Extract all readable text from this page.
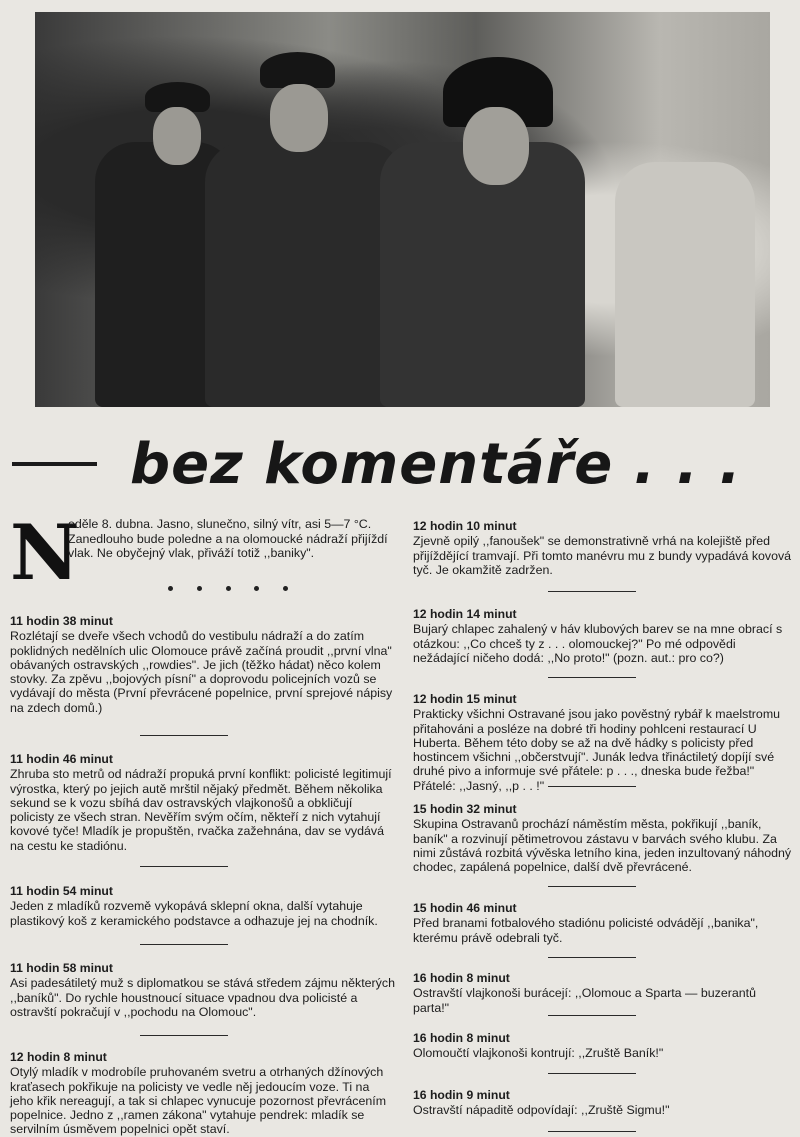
bez komentáře . . .
N
eděle 8. dubna. Jasno, slunečno, silný vítr, asi 5—7 °C. Zanedlouho bude poledne a na olomoucké nádraží přijíždí vlak. Ne obyčejný vlak, přiváží totiž ,,baniky".
11 hodin 38 minut
Rozlétají se dveře všech vchodů do vestibulu nádraží a do zatím poklidných nedělních ulic Olomouce právě začíná proudit ,,první vlna" obávaných ostravských ,,rowdies". Je jich (těžko hádat) něco kolem stovky. Za zpěvu ,,bojových písní" a doprovodu policejních vozů se vydávají do města (První převrácené popelnice, první sprejové nápisy na zdech domů.)
11 hodin 46 minut
Zhruba sto metrů od nádraží propuká první konflikt: policisté legitimují výrostka, který po jejich autě mrštil nějaký předmět. Během několika sekund se k vozu sbíhá dav ostravských vlajkonošů a obkličují policisty ze všech stran. Nevěřím svým očím, někteří z nich vytahují kovové tyče! Mladík je propuštěn, rvačka zažehnána, dav se vydává na cestu ke stadiónu.
11 hodin 54 minut
Jeden z mladíků rozvemě vykopává sklepní okna, další vytahuje plastikový koš z keramického podstavce a odhazuje jej na chodník.
11 hodin 58 minut
Asi padesátiletý muž s diplomatkou se stává středem zájmu některých ,,baníků". Do rychle houstnoucí situace vpadnou dva policisté a ostravští pokračují v ,,pochodu na Olomouc".
12 hodin 8 minut
Otylý mladík v modrobíle pruhovaném svetru a otrhaných džínových kraťasech pokřikuje na policisty ve vedle něj jedoucím voze. Ti na jeho křik nereagují, a tak si chlapec vynucuje pozornost převrácením popelnice. Jedno z ,,ramen zákona" vytahuje pendrek: mladík se servilním úsměvem popelnici opět staví.
12 hodin 10 minut
Zjevně opilý ,,fanoušek" se demonstrativně vrhá na kolejiště před přijíždějící tramvají. Při tomto manévru mu z bundy vypadává kovová tyč. Je okamžitě zadržen.
12 hodin 14 minut
Bujarý chlapec zahalený v háv klubových barev se na mne obrací s otázkou: ,,Co chceš ty z . . . olomouckej?" Po mé odpovědi nežádající ničeho dodá: ,,No proto!" (pozn. aut.: pro co?)
12 hodin 15 minut
Prakticky všichni Ostravané jsou jako pověstný rybář k maelstromu přitahováni a posléze na dobré tři hodiny pohlceni restaurací U Huberta. Během této doby se až na dvě hádky s policisty před hostincem všichni ,,občerstvují". Junák ledva třináctiletý dopíjí své druhé pivo a informuje své přátele: p . . ., dneska bude řežba!" Přátelé: ,,Jasný, ,,p . . !"
15 hodin 32 minut
Skupina Ostravanů prochází náměstím města, pokřikují ,,baník, baník" a rozvinují pětimetrovou zástavu v barvách svého klubu. Za nimi zůstává rozbitá vývěska letního kina, jeden inzultovaný náhodný chodec, zapálená popelnice, další dvě převrácené.
15 hodin 46 minut
Před branami fotbalového stadiónu policisté odvádějí ,,banika", kterému právě odebrali tyč.
16 hodin 8 minut
Ostravští vlajkonoši burácejí: ,,Olomouc a Sparta — buzerantů parta!"
16 hodin 8 minut
Olomoučtí vlajkonoši kontrují: ,,Zruště Baník!"
16 hodin 9 minut
Ostravští nápaditě odpovídají: ,,Zruště Sigmu!"
